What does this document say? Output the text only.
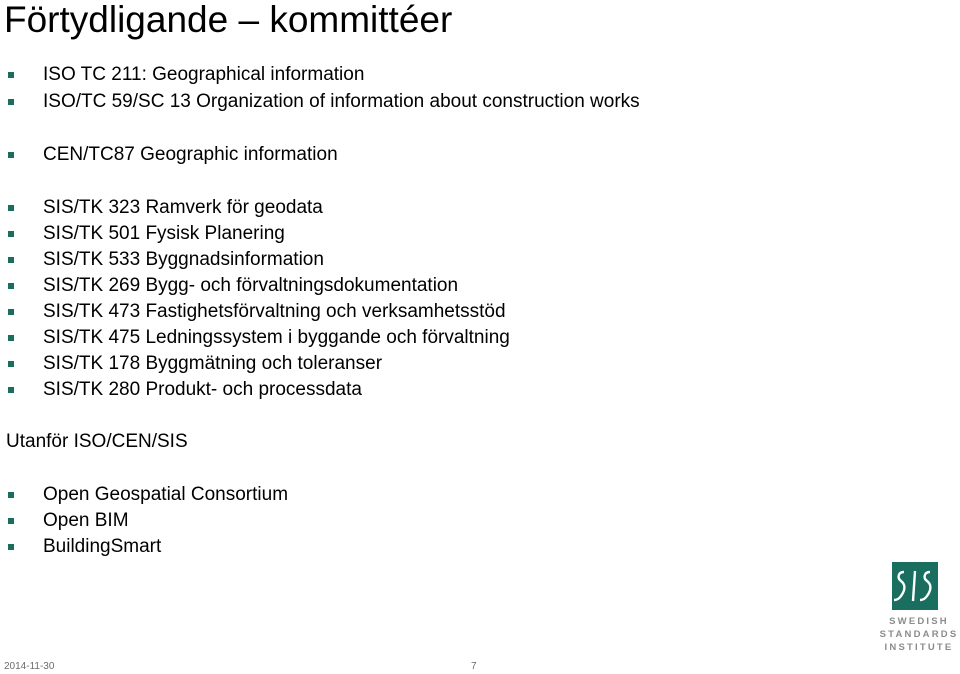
Förtydligande – kommittéer
ISO TC 211: Geographical information
ISO/TC 59/SC 13 Organization of information about construction works
CEN/TC87 Geographic information
SIS/TK 323 Ramverk för geodata
SIS/TK 501 Fysisk Planering
SIS/TK 533 Byggnadsinformation
SIS/TK 269 Bygg- och förvaltningsdokumentation
SIS/TK 473 Fastighetsförvaltning och verksamhetsstöd
SIS/TK 475 Ledningssystem i byggande och förvaltning
SIS/TK 178 Byggmätning och toleranser
SIS/TK 280 Produkt- och processdata
Utanför ISO/CEN/SIS
Open Geospatial Consortium
Open BIM
BuildingSmart
SWEDISH
STANDARDS
INSTITUTE
2014-11-30	7
